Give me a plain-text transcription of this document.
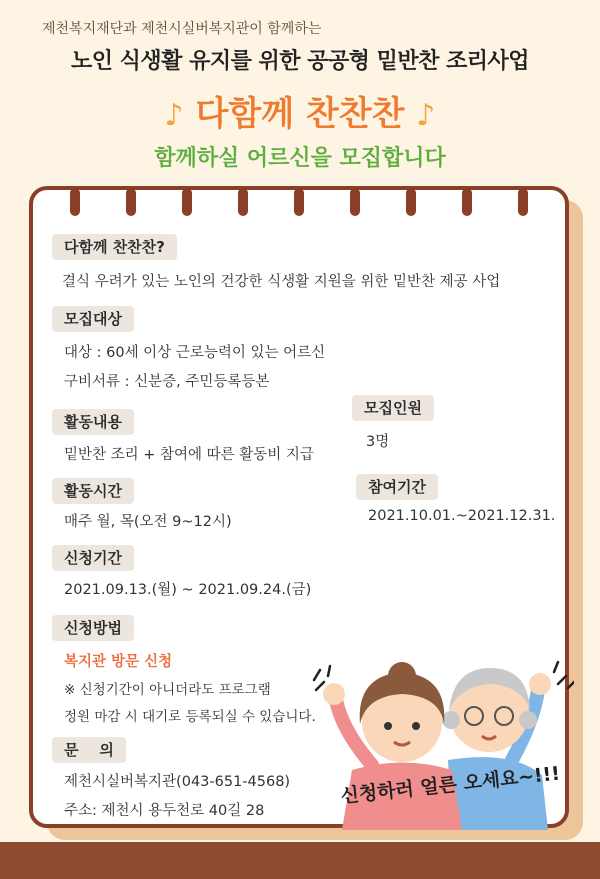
제천복지재단과 제천시실버복지관이 함께하는
노인 식생활 유지를 위한 공공형 밑반찬 조리사업
♪ 다함께 찬찬찬 ♪
함께하실 어르신을 모집합니다
다함께 찬찬찬?
결식 우려가 있는 노인의 건강한 식생활 지원을 위한 밑반찬 제공 사업
모집대상
대상 : 60세 이상 근로능력이 있는 어르신
구비서류 : 신분증, 주민등록등본
활동내용
밑반찬 조리 + 참여에 따른 활동비 지급
모집인원
3명
활동시간
매주 월, 목(오전 9~12시)
참여기간
2021.10.01.~2021.12.31.
신청기간
2021.09.13.(월) ~ 2021.09.24.(금)
신청방법
복지관 방문 신청
※ 신청기간이 아니더라도 프로그램
정원 마감 시 대기로 등록되실 수 있습니다.
문    의
제천시실버복지관(043-651-4568)
주소: 제천시 용두천로 40길 28
신청하러 얼른 오세요~!!!
